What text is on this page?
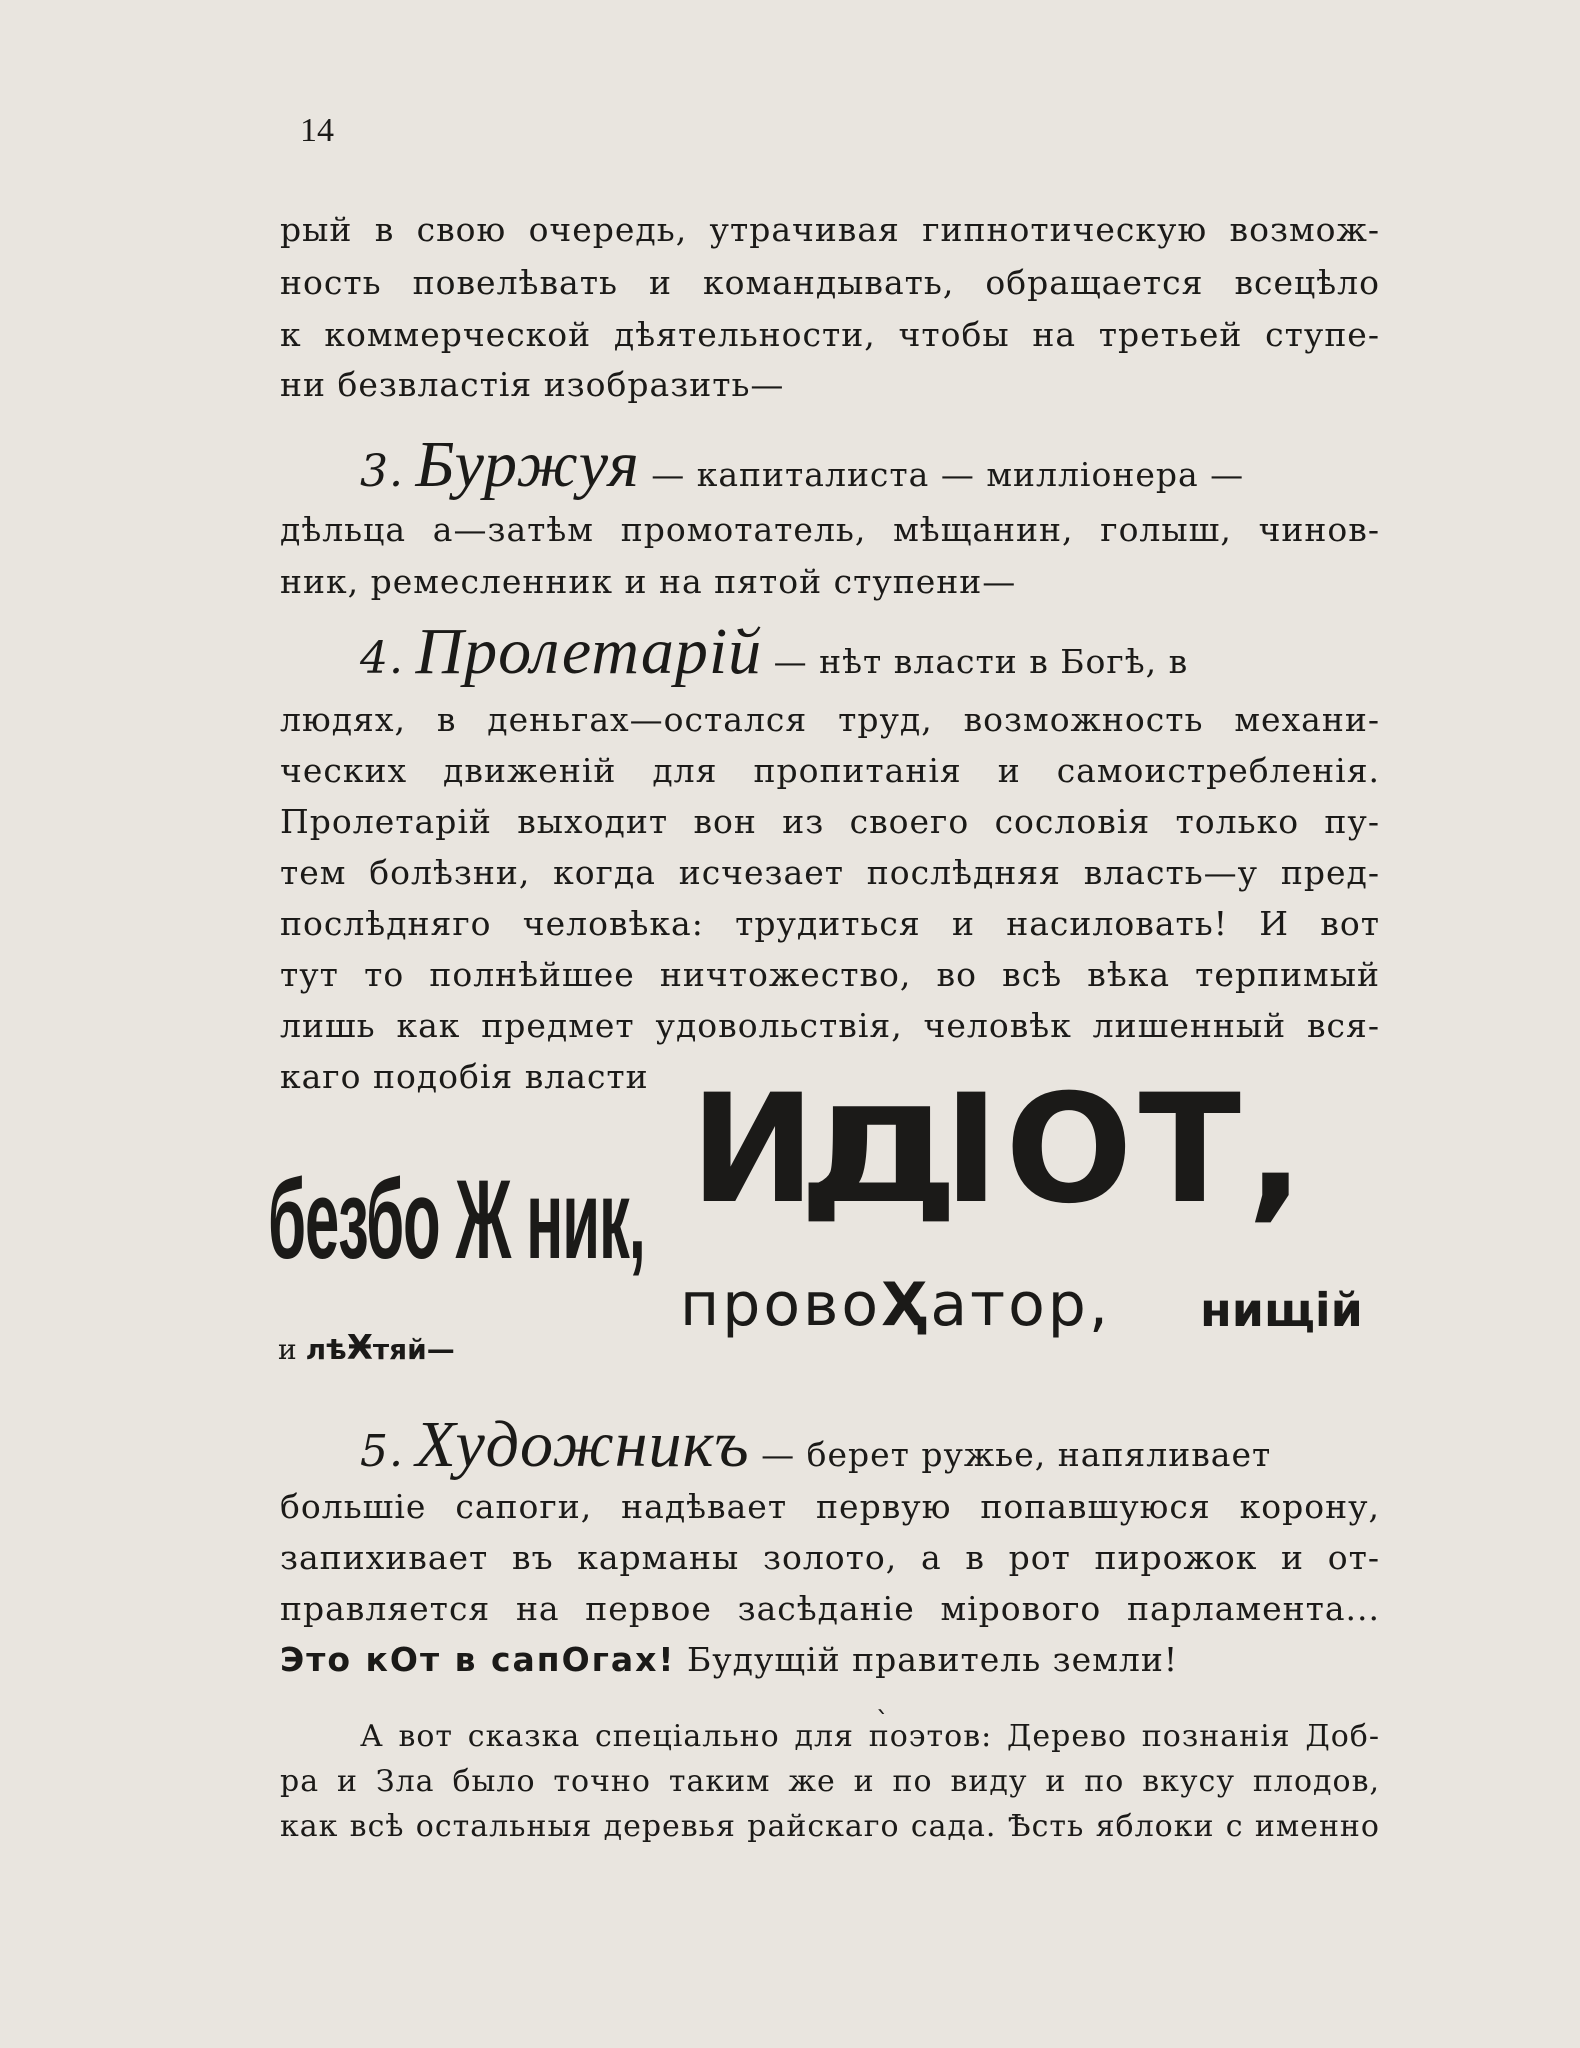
14
рый в свою очередь, утрачивая гипнотическую возмож-
ность повелѣвать и командывать, обращается всецѣло
к коммерческой дѣятельности, чтобы на третьей ступе-
ни безвластія изобразить—
3. Буржуя — капиталиста — милліонера —
дѣльца а—затѣм промотатель, мѣщанин, голыш, чинов-
ник, ремесленник и на пятой ступени—
4. Пролетарій — нѣт власти в Богѣ, в
людях, в деньгах—остался труд, возможность механи-
ческих движеній для пропитанія и самоистребленія.
Пролетарій выходит вон из своего сословія только пу-
тем болѣзни, когда исчезает послѣдняя власть—у пред-
послѣдняго человѣка: трудиться и насиловать! И вот
тут то полнѣйшее ничтожество, во всѣ вѣка терпимый
лишь как предмет удовольствія, человѣк лишенный вся-
каго подобія власти ИДІОТ,
безбо Ж ник,
провоҲатор, нищій
и лѣӾтяй—
5. Художникъ — берет ружье, напяливает
большіе сапоги, надѣвает первую попавшуюся корону,
запихивает въ карманы золото, а в рот пирожок и от-
правляется на первое засѣданіе мірового парламента...
Это кОт в сапОгах! Будущій правитель земли!
ˎ
А вот сказка спеціально для поэтов: Дерево познанія Доб-
ра и Зла было точно таким же и по виду и по вкусу плодов,
как всѣ остальныя деревья райскаго сада. Ѣсть яблоки с именно
